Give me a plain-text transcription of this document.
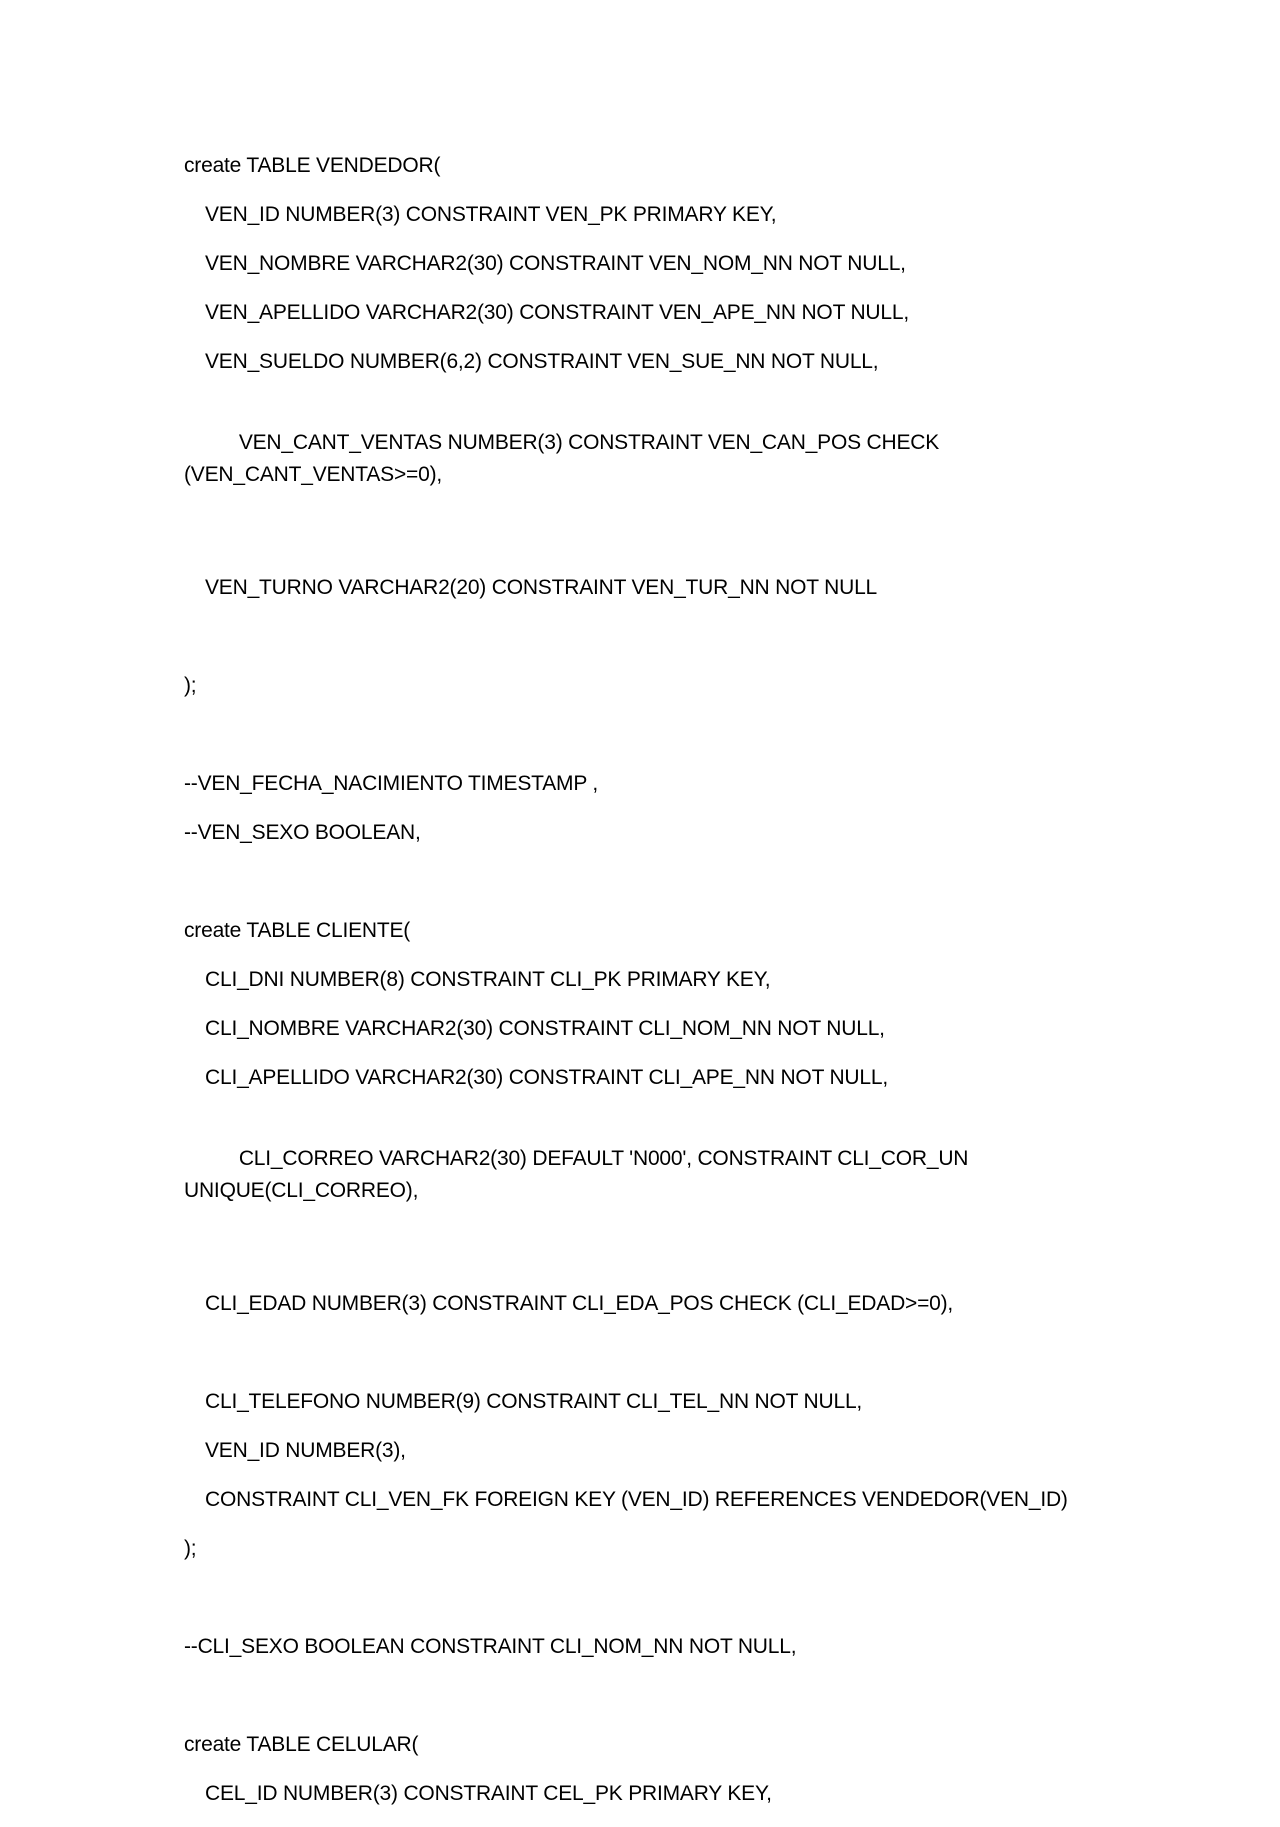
create TABLE VENDEDOR(
VEN_ID NUMBER(3) CONSTRAINT VEN_PK PRIMARY KEY,
VEN_NOMBRE VARCHAR2(30) CONSTRAINT VEN_NOM_NN NOT NULL,
VEN_APELLIDO VARCHAR2(30) CONSTRAINT VEN_APE_NN NOT NULL,
VEN_SUELDO NUMBER(6,2) CONSTRAINT VEN_SUE_NN NOT NULL,

VEN_CANT_VENTAS NUMBER(3) CONSTRAINT VEN_CAN_POS CHECK
(VEN_CANT_VENTAS>=0),

VEN_TURNO VARCHAR2(20) CONSTRAINT VEN_TUR_NN NOT NULL
);
--VEN_FECHA_NACIMIENTO TIMESTAMP ,
--VEN_SEXO BOOLEAN,
create TABLE CLIENTE(
CLI_DNI NUMBER(8) CONSTRAINT CLI_PK PRIMARY KEY,
CLI_NOMBRE VARCHAR2(30) CONSTRAINT CLI_NOM_NN NOT NULL,
CLI_APELLIDO VARCHAR2(30) CONSTRAINT CLI_APE_NN NOT NULL,

CLI_CORREO VARCHAR2(30) DEFAULT 'N000', CONSTRAINT CLI_COR_UN
UNIQUE(CLI_CORREO),

CLI_EDAD NUMBER(3) CONSTRAINT CLI_EDA_POS CHECK (CLI_EDAD>=0),
CLI_TELEFONO NUMBER(9) CONSTRAINT CLI_TEL_NN NOT NULL,
VEN_ID NUMBER(3),
CONSTRAINT CLI_VEN_FK FOREIGN KEY (VEN_ID) REFERENCES VENDEDOR(VEN_ID)
);
--CLI_SEXO BOOLEAN CONSTRAINT CLI_NOM_NN NOT NULL,
create TABLE CELULAR(
CEL_ID NUMBER(3) CONSTRAINT CEL_PK PRIMARY KEY,
